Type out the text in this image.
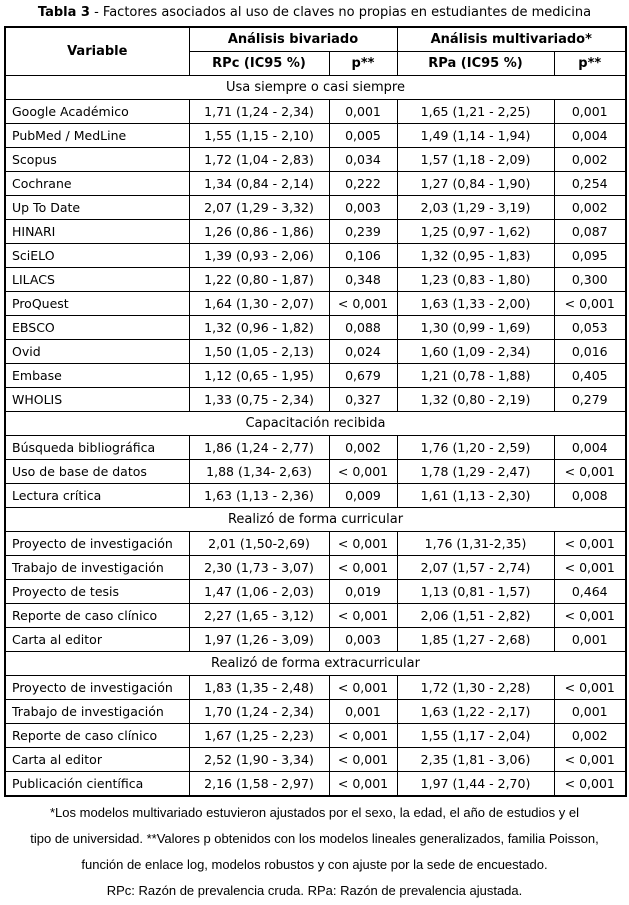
Tabla 3 - Factores asociados al uso de claves no propias en estudiantes de medicina
Variable	Análisis bivariado		Análisis multivariado*	
	RPc (IC95 %)	p**	RPa (IC95 %)	p**
Usa siempre o casi siempre				
Google Académico	1,71 (1,24 - 2,34)	0,001	1,65 (1,21 - 2,25)	0,001
PubMed / MedLine	1,55 (1,15 - 2,10)	0,005	1,49 (1,14 - 1,94)	0,004
Scopus	1,72 (1,04 - 2,83)	0,034	1,57 (1,18 - 2,09)	0,002
Cochrane	1,34 (0,84 - 2,14)	0,222	1,27 (0,84 - 1,90)	0,254
Up To Date	2,07 (1,29 - 3,32)	0,003	2,03 (1,29 - 3,19)	0,002
HINARI	1,26 (0,86 - 1,86)	0,239	1,25 (0,97 - 1,62)	0,087
SciELO	1,39 (0,93 - 2,06)	0,106	1,32 (0,95 - 1,83)	0,095
LILACS	1,22 (0,80 - 1,87)	0,348	1,23 (0,83 - 1,80)	0,300
ProQuest	1,64 (1,30 - 2,07)	< 0,001	1,63 (1,33 - 2,00)	< 0,001
EBSCO	1,32 (0,96 - 1,82)	0,088	1,30 (0,99 - 1,69)	0,053
Ovid	1,50 (1,05 - 2,13)	0,024	1,60 (1,09 - 2,34)	0,016
Embase	1,12 (0,65 - 1,95)	0,679	1,21 (0,78 - 1,88)	0,405
WHOLIS	1,33 (0,75 - 2,34)	0,327	1,32 (0,80 - 2,19)	0,279
Capacitación recibida				
Búsqueda bibliográfica	1,86 (1,24 - 2,77)	0,002	1,76 (1,20 - 2,59)	0,004
Uso de base de datos	1,88 (1,34- 2,63)	< 0,001	1,78 (1,29 - 2,47)	< 0,001
Lectura crítica	1,63 (1,13 - 2,36)	0,009	1,61 (1,13 - 2,30)	0,008
Realizó de forma curricular				
Proyecto de investigación	2,01 (1,50-2,69)	< 0,001	1,76 (1,31-2,35)	< 0,001
Trabajo de investigación	2,30 (1,73 - 3,07)	< 0,001	2,07 (1,57 - 2,74)	< 0,001
Proyecto de tesis	1,47 (1,06 - 2,03)	0,019	1,13 (0,81 - 1,57)	0,464
Reporte de caso clínico	2,27 (1,65 - 3,12)	< 0,001	2,06 (1,51 - 2,82)	< 0,001
Carta al editor	1,97 (1,26 - 3,09)	0,003	1,85 (1,27 - 2,68)	0,001
Realizó de forma extracurricular				
Proyecto de investigación	1,83 (1,35 - 2,48)	< 0,001	1,72 (1,30 - 2,28)	< 0,001
Trabajo de investigación	1,70 (1,24 - 2,34)	0,001	1,63 (1,22 - 2,17)	0,001
Reporte de caso clínico	1,67 (1,25 - 2,23)	< 0,001	1,55 (1,17 - 2,04)	0,002
Carta al editor	2,52 (1,90 - 3,34)	< 0,001	2,35 (1,81 - 3,06)	< 0,001
Publicación científica	2,16 (1,58 - 2,97)	< 0,001	1,97 (1,44 - 2,70)	< 0,001
*Los modelos multivariado estuvieron ajustados por el sexo, la edad, el año de estudios y el
tipo de universidad. **Valores p obtenidos con los modelos lineales generalizados, familia Poisson,
función de enlace log, modelos robustos y con ajuste por la sede de encuestado.
RPc: Razón de prevalencia cruda. RPa: Razón de prevalencia ajustada.
